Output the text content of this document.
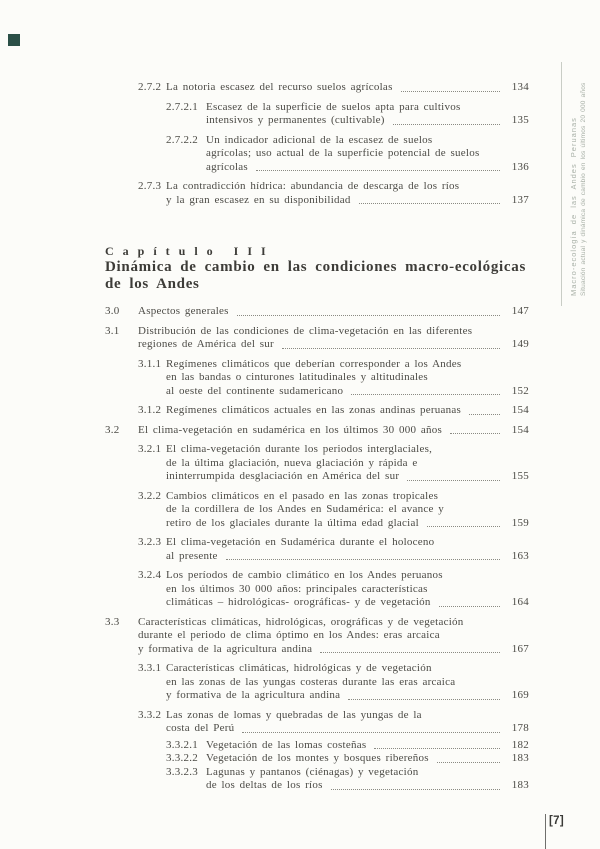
2.7.2 La notoria escasez del recurso suelos agrícolas	134
2.7.2.1 Escasez de la superficie de suelos apta para cultivos
intensivos y permanentes (cultivable)	135
2.7.2.2 Un indicador adicional de la escasez de suelos
agrícolas; uso actual de la superficie potencial de suelos
agrícolas	136
2.7.3 La contradicción hídrica: abundancia de descarga de los ríos
y la gran escasez en su disponibilidad	137
C a p í t u l o   I I I
Dinámica de cambio en las condiciones macro-ecológicas
de los Andes
3.0 Aspectos generales	147
3.1 Distribución de las condiciones de clima-vegetación en las diferentes
regiones de América del sur	149
3.1.1 Regímenes climáticos que deberían corresponder a los Andes
en las bandas o cinturones latitudinales y altitudinales
al oeste del continente sudamericano	152
3.1.2 Regímenes climáticos actuales en las zonas andinas peruanas	154
3.2 El clima-vegetación en sudamérica en los últimos 30 000 años	154
3.2.1 El clima-vegetación durante los periodos interglaciales,
de la última glaciación, nueva glaciación y rápida e
ininterrumpida desglaciación en América del sur	155
3.2.2 Cambios climáticos en el pasado en las zonas tropicales
de la cordillera de los Andes en Sudamérica: el avance y
retiro de los glaciales durante la última edad glacial	159
3.2.3 El clima-vegetación en Sudamérica durante el holoceno
al presente	163
3.2.4 Los períodos de cambio climático en los Andes peruanos
en los últimos 30 000 años: principales características
climáticas – hidrológicas- orográficas- y de vegetación	164
3.3 Características climáticas, hidrológicas, orográficas y de vegetación
durante el periodo de clima óptimo en los Andes: eras arcaica
y formativa de la agricultura andina	167
3.3.1 Características climáticas, hidrológicas y de vegetación
en las zonas de las yungas costeras durante las eras arcaica
y formativa de la agricultura andina	169
3.3.2 Las zonas de lomas y quebradas de las yungas de la
costa del Perú	178
3.3.2.1 Vegetación de las lomas costeñas	182
3.3.2.2 Vegetación de los montes y bosques ribereños	183
3.3.2.3 Lagunas y pantanos (ciénagas) y vegetación
de los deltas de los ríos	183
Macro-ecología de las Andes Peruanas Situación actual y dinámica de cambio en los últimos 20 000 años
[7]
